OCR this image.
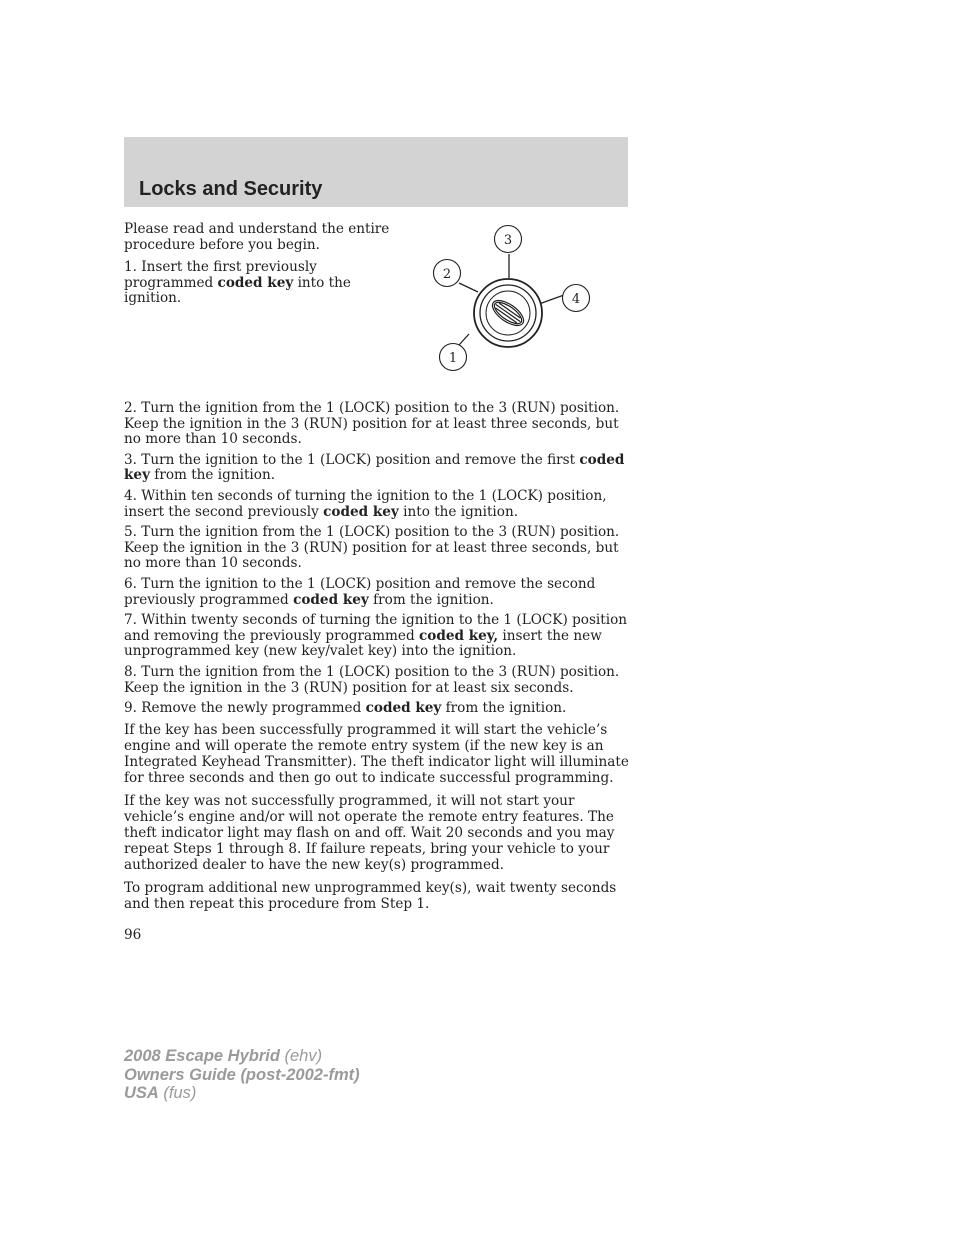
Locks and Security

Please read and understand the entire procedure before you begin.

1. Insert the first previously programmed coded key into the ignition.

3
2
4
1

2. Turn the ignition from the 1 (LOCK) position to the 3 (RUN) position. Keep the ignition in the 3 (RUN) position for at least three seconds, but no more than 10 seconds.

3. Turn the ignition to the 1 (LOCK) position and remove the first coded key from the ignition.

4. Within ten seconds of turning the ignition to the 1 (LOCK) position, insert the second previously coded key into the ignition.

5. Turn the ignition from the 1 (LOCK) position to the 3 (RUN) position. Keep the ignition in the 3 (RUN) position for at least three seconds, but no more than 10 seconds.

6. Turn the ignition to the 1 (LOCK) position and remove the second previously programmed coded key from the ignition.

7. Within twenty seconds of turning the ignition to the 1 (LOCK) position and removing the previously programmed coded key, insert the new unprogrammed key (new key/valet key) into the ignition.

8. Turn the ignition from the 1 (LOCK) position to the 3 (RUN) position. Keep the ignition in the 3 (RUN) position for at least six seconds.

9. Remove the newly programmed coded key from the ignition.

If the key has been successfully programmed it will start the vehicle’s engine and will operate the remote entry system (if the new key is an Integrated Keyhead Transmitter). The theft indicator light will illuminate for three seconds and then go out to indicate successful programming.

If the key was not successfully programmed, it will not start your vehicle’s engine and/or will not operate the remote entry features. The theft indicator light may flash on and off. Wait 20 seconds and you may repeat Steps 1 through 8. If failure repeats, bring your vehicle to your authorized dealer to have the new key(s) programmed.

To program additional new unprogrammed key(s), wait twenty seconds and then repeat this procedure from Step 1.

96
2008 Escape Hybrid (ehv)
Owners Guide (post-2002-fmt)
USA (fus)
